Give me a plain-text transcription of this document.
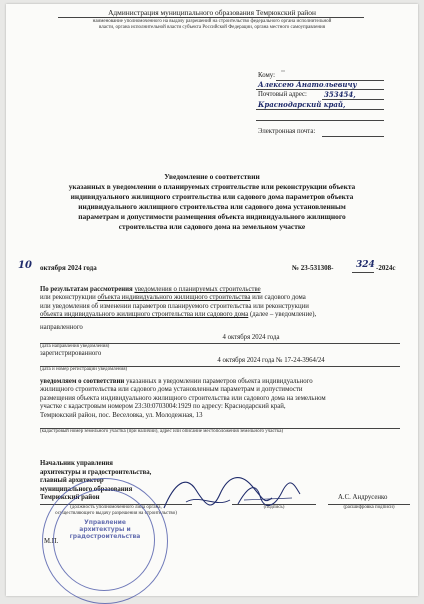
Администрация муниципального образования Темрюкский район
наименование уполномоченного на выдачу разрешений на строительство федерального органа исполнительной
власти, органа исполнительной власти субъекта Российской Федерации, органа местного самоуправления
Кому: ""
Алексею Анатольевичу
Почтовый адрес: 353454,
Краснодарский край,
Электронная почта:
Уведомление о соответствии
указанных в уведомлении о планируемых строительстве или реконструкции объекта
индивидуального жилищного строительства или садового дома параметров объекта
индивидуального жилищного строительства или садового дома установленным
параметрам и допустимости размещения объекта индивидуального жилищного
строительства или садового дома на земельном участке
10 октября 2024 года	№ 23-531308-	324 -2024с
По результатам рассмотрения уведомления о планируемых строительстве
или реконструкции объекта индивидуального жилищного строительства или садового дома
или уведомления об изменении параметров планируемого строительства или реконструкции
объекта индивидуального жилищного строительства или садового дома (далее – уведомление),
направленного
4 октября 2024 года
(дата направления уведомления)
зарегистрированного
4 октября 2024 года № 17-24-3964/24
(дата и номер регистрации уведомления)
уведомляем о соответствии указанных в уведомлении параметров объекта индивидуального
жилищного строительства или садового дома установленным параметрам и допустимости
размещения объекта индивидуального жилищного строительства или садового дома на земельном
участке с кадастровым номером 23:30:0703004:1929 по адресу: Краснодарский край,
Темрюкский район, пос. Веселовка, ул. Молодежная, 13
(кадастровый номер земельного участка (при наличии), адрес или описание местоположения земельного участка)
Начальник управления
архитектуры и градостроительства,
главный архитектор
муниципального образования
Темрюкский район
(должность уполномоченного лица органа,
осуществляющего выдачу разрешения на строительство)
(подпись)
А.С. Андрусенко
(расшифровка подписи)
М.П.
Управление архитектуры и градостроительства
